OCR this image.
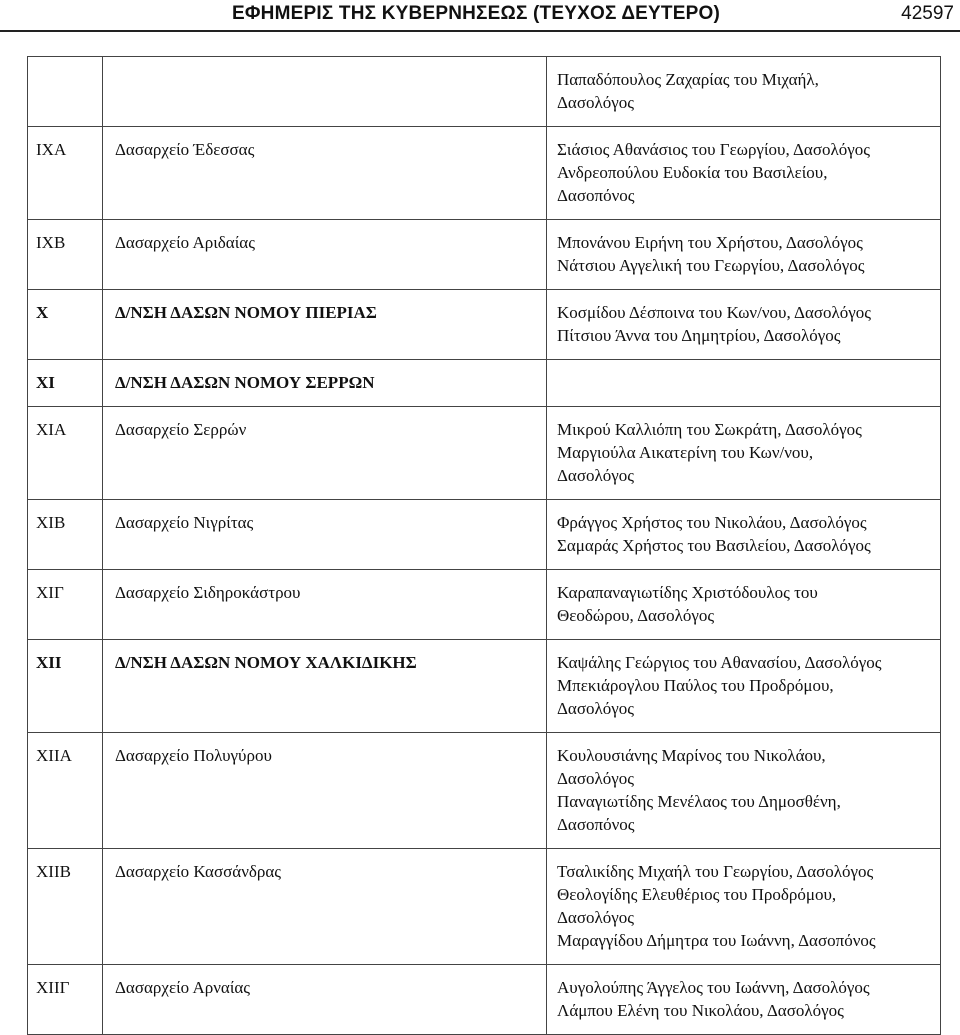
ΕΦΗΜΕΡΙΣ ΤΗΣ ΚΥΒΕΡΝΗΣΕΩΣ (ΤΕΥΧΟΣ ΔΕΥΤΕΡΟ)	42597

		Παπαδόπουλος Ζαχαρίας του Μιχαήλ,
Δασολόγος

ΙΧΑ	Δασαρχείο Έδεσσας	Σιάσιος Αθανάσιος του Γεωργίου, Δασολόγος
Ανδρεοπούλου Ευδοκία του Βασιλείου,
Δασοπόνος

ΙΧΒ	Δασαρχείο Αριδαίας	Μπονάνου Ειρήνη του Χρήστου, Δασολόγος
Νάτσιου Αγγελική του Γεωργίου, Δασολόγος

Χ	Δ/ΝΣΗ ΔΑΣΩΝ ΝΟΜΟΥ ΠΙΕΡΙΑΣ	Κοσμίδου Δέσποινα του Κων/νου, Δασολόγος
Πίτσιου Άννα του Δημητρίου, Δασολόγος

ΧΙ	Δ/ΝΣΗ ΔΑΣΩΝ ΝΟΜΟΥ ΣΕΡΡΩΝ	

ΧΙΑ	Δασαρχείο Σερρών	Μικρού Καλλιόπη του Σωκράτη, Δασολόγος
Μαργιούλα Αικατερίνη του Κων/νου,
Δασολόγος

ΧΙΒ	Δασαρχείο Νιγρίτας	Φράγγος Χρήστος του Νικολάου, Δασολόγος
Σαμαράς Χρήστος του Βασιλείου, Δασολόγος

ΧΙΓ	Δασαρχείο Σιδηροκάστρου	Καραπαναγιωτίδης Χριστόδουλος του
Θεοδώρου, Δασολόγος

ΧΙΙ	Δ/ΝΣΗ ΔΑΣΩΝ ΝΟΜΟΥ ΧΑΛΚΙΔΙΚΗΣ	Καψάλης Γεώργιος του Αθανασίου, Δασολόγος
Μπεκιάρογλου Παύλος του Προδρόμου,
Δασολόγος

ΧΙΙΑ	Δασαρχείο Πολυγύρου	Κουλουσιάνης Μαρίνος του Νικολάου,
Δασολόγος
Παναγιωτίδης Μενέλαος του Δημοσθένη,
Δασοπόνος

ΧΙΙΒ	Δασαρχείο Κασσάνδρας	Τσαλικίδης Μιχαήλ του Γεωργίου, Δασολόγος
Θεολογίδης Ελευθέριος του Προδρόμου,
Δασολόγος
Μαραγγίδου Δήμητρα του Ιωάννη, Δασοπόνος

ΧΙΙΓ	Δασαρχείο Αρναίας	Αυγολούπης Άγγελος του Ιωάννη, Δασολόγος
Λάμπου Ελένη του Νικολάου, Δασολόγος
